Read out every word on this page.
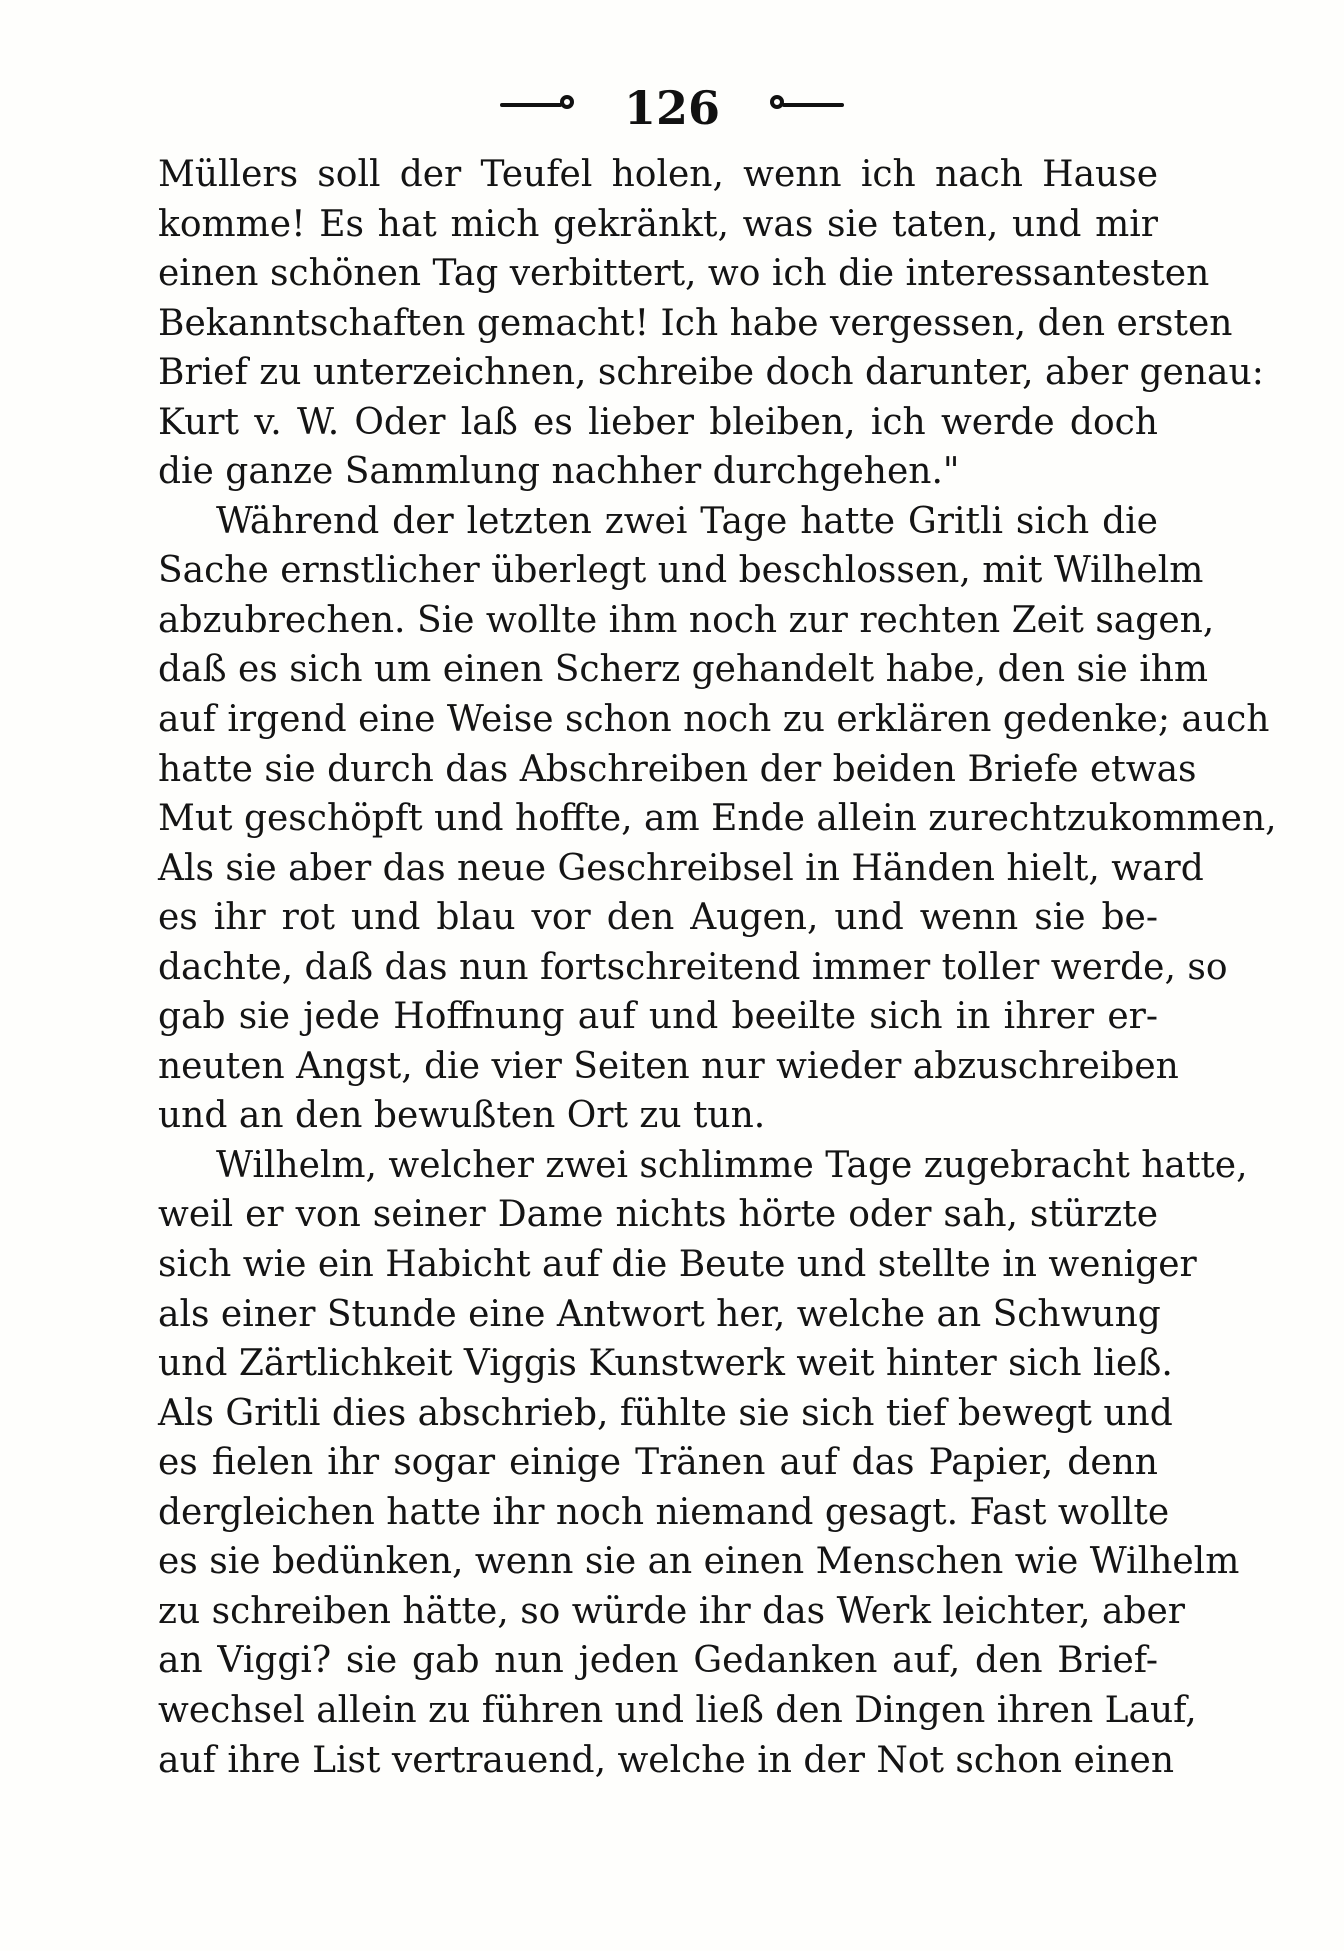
126
Müllers soll der Teufel holen, wenn ich nach Hause
komme! Es hat mich gekränkt, was sie taten, und mir
einen schönen Tag verbittert, wo ich die interessantesten
Bekanntschaften gemacht! Ich habe vergessen, den ersten
Brief zu unterzeichnen, schreibe doch darunter, aber genau:
Kurt v. W. Oder laß es lieber bleiben, ich werde doch
die ganze Sammlung nachher durchgehen."
Während der letzten zwei Tage hatte Gritli sich die
Sache ernstlicher überlegt und beschlossen, mit Wilhelm
abzubrechen. Sie wollte ihm noch zur rechten Zeit sagen,
daß es sich um einen Scherz gehandelt habe, den sie ihm
auf irgend eine Weise schon noch zu erklären gedenke; auch
hatte sie durch das Abschreiben der beiden Briefe etwas
Mut geschöpft und hoffte, am Ende allein zurechtzukommen,
Als sie aber das neue Geschreibsel in Händen hielt, ward
es ihr rot und blau vor den Augen, und wenn sie be-
dachte, daß das nun fortschreitend immer toller werde, so
gab sie jede Hoffnung auf und beeilte sich in ihrer er-
neuten Angst, die vier Seiten nur wieder abzuschreiben
und an den bewußten Ort zu tun.
Wilhelm, welcher zwei schlimme Tage zugebracht hatte,
weil er von seiner Dame nichts hörte oder sah, stürzte
sich wie ein Habicht auf die Beute und stellte in weniger
als einer Stunde eine Antwort her, welche an Schwung
und Zärtlichkeit Viggis Kunstwerk weit hinter sich ließ.
Als Gritli dies abschrieb, fühlte sie sich tief bewegt und
es fielen ihr sogar einige Tränen auf das Papier, denn
dergleichen hatte ihr noch niemand gesagt. Fast wollte
es sie bedünken, wenn sie an einen Menschen wie Wilhelm
zu schreiben hätte, so würde ihr das Werk leichter, aber
an Viggi? sie gab nun jeden Gedanken auf, den Brief-
wechsel allein zu führen und ließ den Dingen ihren Lauf,
auf ihre List vertrauend, welche in der Not schon einen
